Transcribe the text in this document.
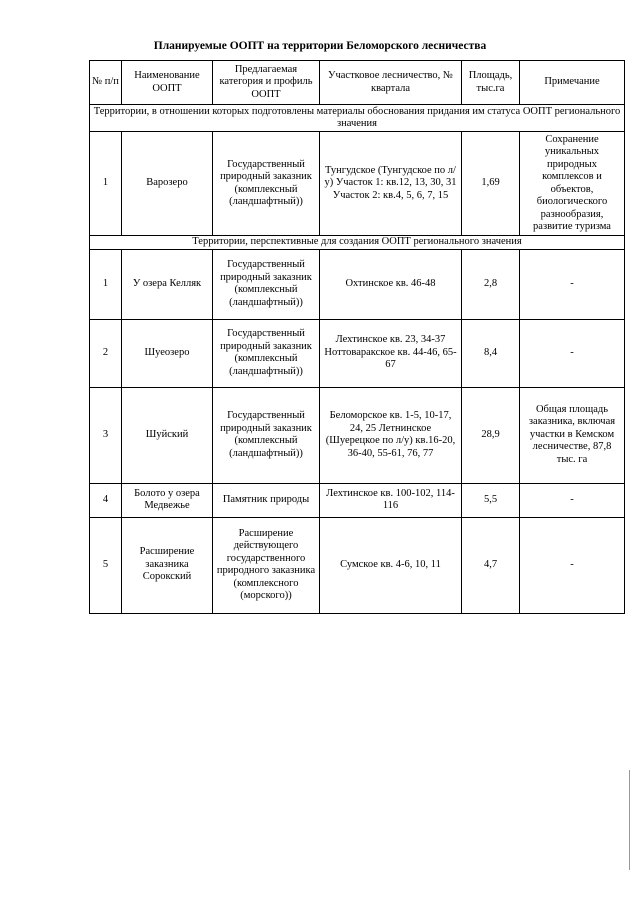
Планируемые ООПТ на территории Беломорского лесничества
№ п/п	Наименование ООПТ	Предлагаемая категория и профиль ООПТ	Участковое лесничество, № квартала	Площадь, тыс.га	Примечание
Территории, в отношении которых подготовлены материалы обоснования придания им статуса ООПТ регионального значения					
1	Варозеро	Государственный природный заказник (комплексный (ландшафтный))	Тунгудское (Тунгудское по л/у) Участок 1: кв.12, 13, 30, 31 Участок 2: кв.4, 5, 6, 7, 15	1,69	Сохранение уникальных природных комплексов и объектов, биологического разнообразия, развитие туризма
Территории, перспективные для создания ООПТ регионального значения					
1	У озера Келляк	Государственный природный заказник (комплексный (ландшафтный))	Охтинское кв. 46-48	2,8	-
2	Шуеозеро	Государственный природный заказник (комплексный (ландшафтный))	Лехтинское кв. 23, 34-37 Ноттоваракское кв. 44-46, 65-67	8,4	-
3	Шуйский	Государственный природный заказник (комплексный (ландшафтный))	Беломорское кв. 1-5, 10-17, 24, 25 Летнинское (Шуерецкое по л/у) кв.16-20, 36-40, 55-61, 76, 77	28,9	Общая площадь заказника, включая участки в Кемском лесничестве, 87,8 тыс. га
4	Болото у озера Медвежье	Памятник природы	Лехтинское кв. 100-102, 114-116	5,5	-
5	Расширение заказника Сорокский	Расширение действующего государственного природного заказника (комплексного (морского))	Сумское кв. 4-6, 10, 11	4,7	-
